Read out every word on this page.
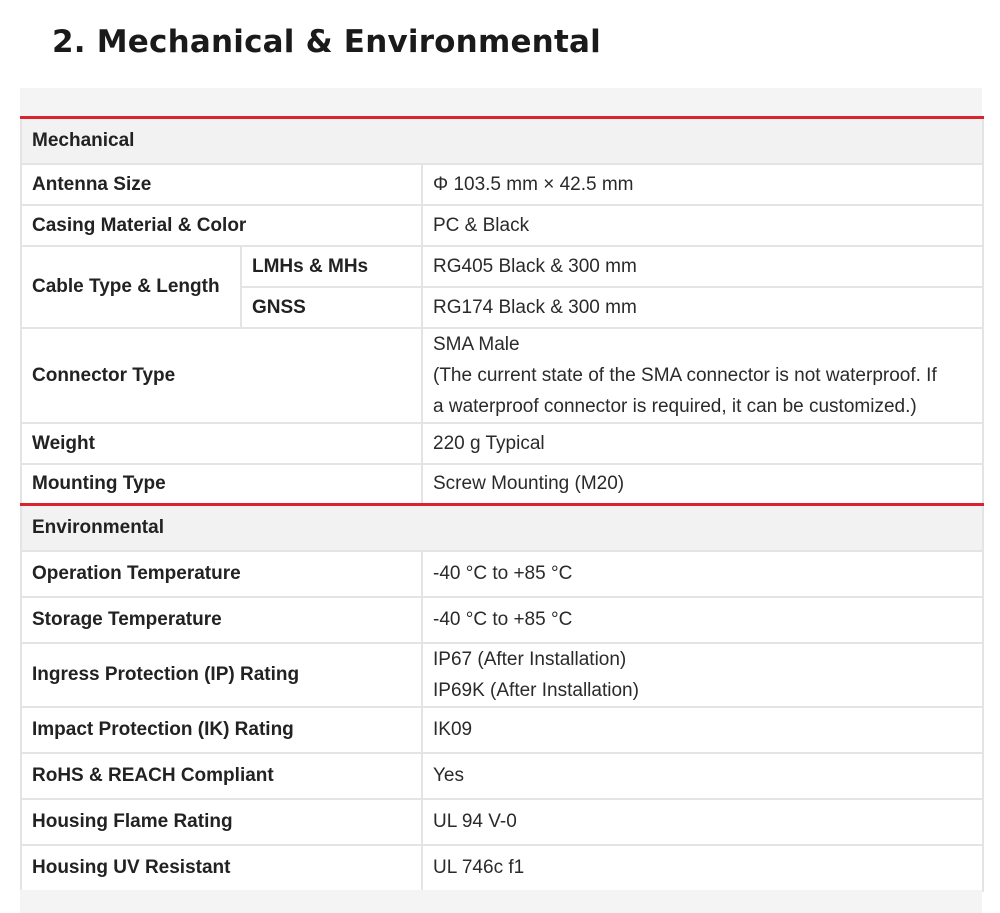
2. Mechanical & Environmental
Mechanical		
Antenna Size		Φ 103.5 mm × 42.5 mm
Casing Material & Color		PC & Black
Cable Type & Length	LMHs & MHs	RG405 Black & 300 mm
	GNSS	RG174 Black & 300 mm
Connector Type		SMA Male
(The current state of the SMA connector is not waterproof. If
a waterproof connector is required, it can be customized.)

Weight		220 g Typical
Mounting Type		Screw Mounting (M20)
Environmental		
Operation Temperature		-40 °C to +85 °C
Storage Temperature		-40 °C to +85 °C
Ingress Protection (IP) Rating		IP67 (After Installation)
IP69K (After Installation)

Impact Protection (IK) Rating		IK09
RoHS & REACH Compliant		Yes
Housing Flame Rating		UL 94 V-0
Housing UV Resistant		UL 746c f1
